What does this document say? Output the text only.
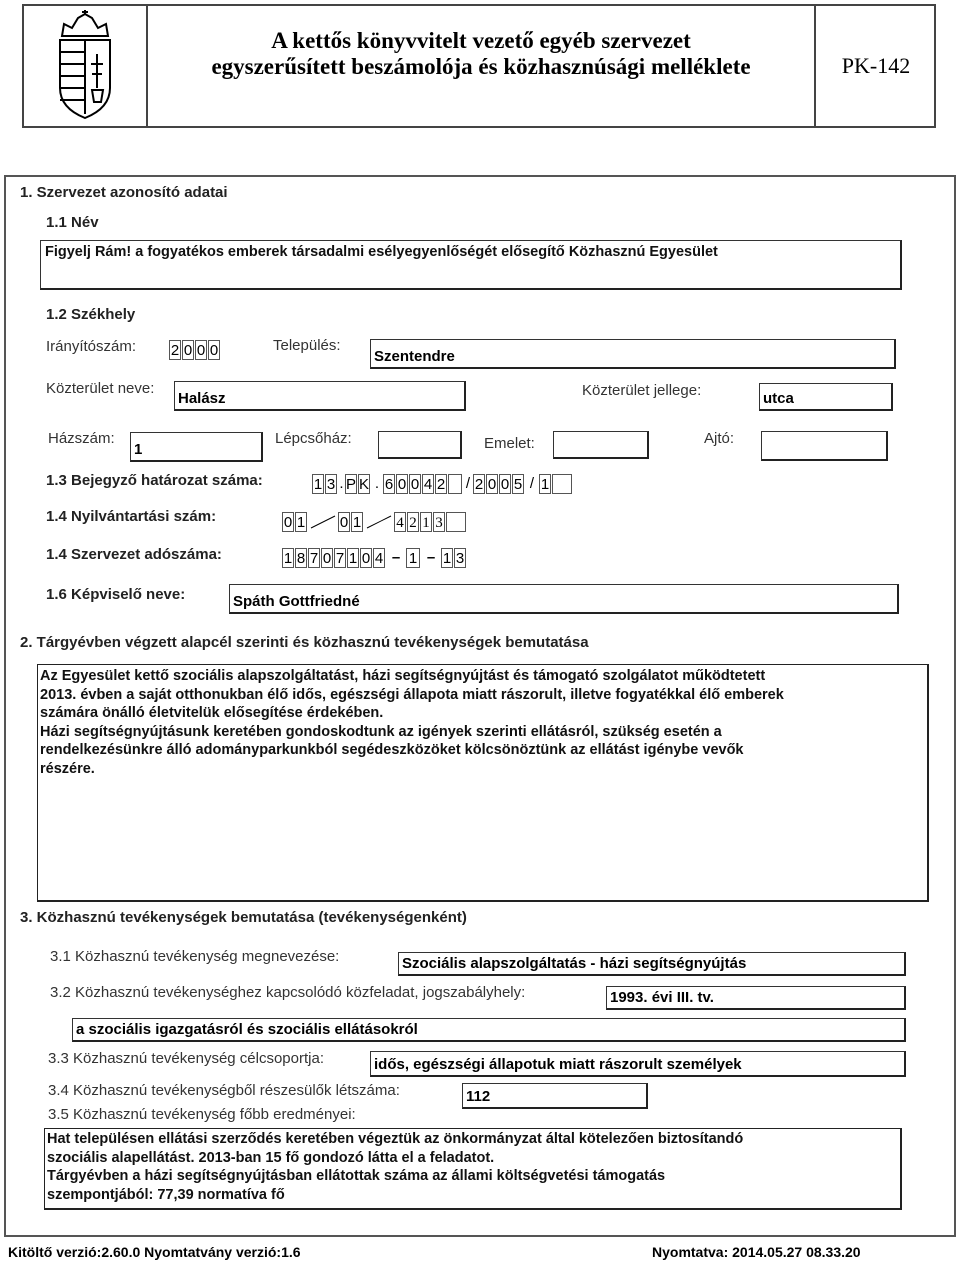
A kettős könyvvitelt vezető egyéb szervezet
egyszerűsített beszámolója és közhasznúsági melléklete	PK-142
1. Szervezet azonosító adatai
1.1 Név
Figyelj Rám! a fogyatékos emberek társadalmi esélyegyenlőségét elősegítő Közhasznú Egyesület
1.2 Székhely
Irányítószám: 2 0 0 0	Település:
Szentendre
Közterület neve:
Halász	Közterület jellege:	utca
Házszám:
1
Lépcsőház:	Emelet:	Ajtó:
1.3 Bejegyző határozat száma:	1 3 . P K . 6 0 0 4 2 / 2 0 0 5 / 1
1.4 Nyilvántartási szám:	0 1 0 1 4 2 1 3
1.4 Szervezet adószáma:	1 8 7 0 7 1 0 4 – 1 – 1 3
1.6 Képviselő neve:	Spáth Gottfriedné
2. Tárgyévben végzett alapcél szerinti és közhasznú tevékenységek bemutatása
Az Egyesület kettő szociális alapszolgáltatást, házi segítségnyújtást és támogató szolgálatot működtetett
2013. évben a saját otthonukban élő idős, egészségi állapota miatt rászorult, illetve fogyatékkal élő emberek
számára önálló életvitelük elősegítése érdekében.
Házi segítségnyújtásunk keretében gondoskodtunk az igények szerinti ellátásról, szükség esetén a
rendelkezésünkre álló adományparkunkból segédeszközöket kölcsönöztünk az ellátást igénybe vevők
részére.
3. Közhasznú tevékenységek bemutatása (tevékenységenként)
3.1 Közhasznú tevékenység megnevezése:	Szociális alapszolgáltatás - házi segítségnyújtás
3.2 Közhasznú tevékenységhez kapcsolódó közfeladat, jogszabályhely:	1993. évi III. tv.
a szociális igazgatásról és szociális ellátásokról
3.3 Közhasznú tevékenység célcsoportja:	idős, egészségi állapotuk miatt rászorult személyek
3.4 Közhasznú tevékenységből részesülők létszáma:	112
3.5 Közhasznú tevékenység főbb eredményei:
Hat településen ellátási szerződés keretében végeztük az önkormányzat által kötelezően biztosítandó
szociális alapellátást. 2013-ban 15 fő gondozó látta el a feladatot.
Tárgyévben a házi segítségnyújtásban ellátottak száma az állami költségvetési támogatás
szempontjából: 77,39 normatíva fő
Kitöltő verzió:2.60.0 Nyomtatvány verzió:1.6	Nyomtatva: 2014.05.27 08.33.20
